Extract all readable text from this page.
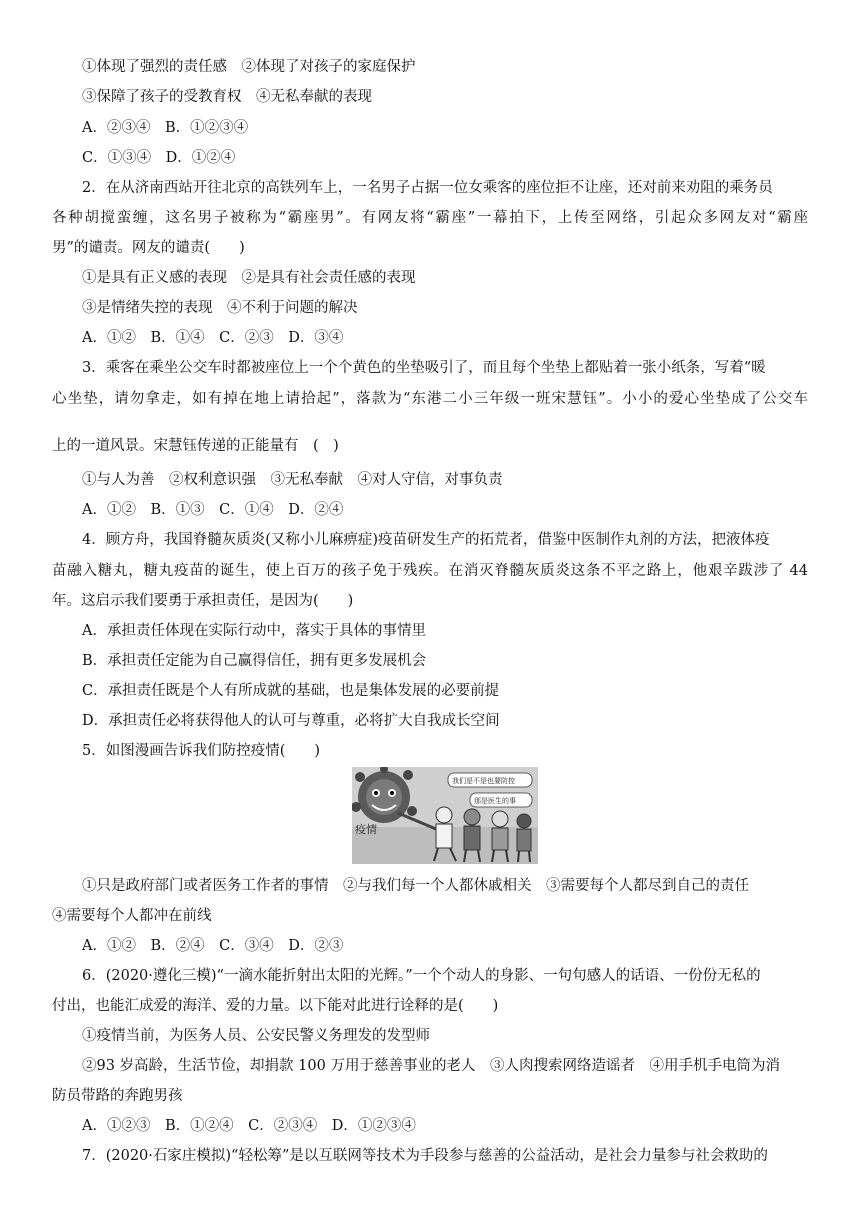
①体现了强烈的责任感　②体现了对孩子的家庭保护
③保障了孩子的受教育权　④无私奉献的表现
A．②③④　B．①②③④
C．①③④　D．①②④
2．在从济南西站开往北京的高铁列车上，一名男子占据一位女乘客的座位拒不让座，还对前来劝阻的乘务员
各种胡搅蛮缠，这名男子被称为“霸座男”。有网友将“霸座”一幕拍下，上传至网络，引起众多网友对“霸座
男”的谴责。网友的谴责(　　)
①是具有正义感的表现　②是具有社会责任感的表现
③是情绪失控的表现　④不利于问题的解决
A．①②　B．①④　C．②③　D．③④
3．乘客在乘坐公交车时都被座位上一个个黄色的坐垫吸引了，而且每个坐垫上都贴着一张小纸条，写着“暖
心坐垫，请勿拿走，如有掉在地上请拾起”，落款为“东港二小三年级一班宋慧钰”。小小的爱心坐垫成了公交车
上的一道风景。宋慧钰传递的正能量有　(　)
①与人为善　②权利意识强　③无私奉献　④对人守信，对事负责
A．①②　B．①③　C．①④　D．②④
4．顾方舟，我国脊髓灰质炎(又称小儿麻痹症)疫苗研发生产的拓荒者，借鉴中医制作丸剂的方法，把液体疫
苗融入糖丸，糖丸疫苗的诞生，使上百万的孩子免于残疾。在消灭脊髓灰质炎这条不平之路上，他艰辛跋涉了 44
年。这启示我们要勇于承担责任，是因为(　　)
A．承担责任体现在实际行动中，落实于具体的事情里
B．承担责任定能为自己赢得信任，拥有更多发展机会
C．承担责任既是个人有所成就的基础，也是集体发展的必要前提
D．承担责任必将获得他人的认可与尊重，必将扩大自我成长空间
5．如图漫画告诉我们防控疫情(　　)
疫情
我们是不是也要防控
那是医生的事
①只是政府部门或者医务工作者的事情　②与我们每一个人都休戚相关　③需要每个人都尽到自己的责任
④需要每个人都冲在前线
A．①②　B．②④　C．③④　D．②③
6．(2020·遵化三模)“一滴水能折射出太阳的光辉。”一个个动人的身影、一句句感人的话语、一份份无私的
付出，也能汇成爱的海洋、爱的力量。以下能对此进行诠释的是(　　)
①疫情当前，为医务人员、公安民警义务理发的发型师
②93 岁高龄，生活节俭，却捐款 100 万用于慈善事业的老人　③人肉搜索网络造谣者　④用手机手电筒为消
防员带路的奔跑男孩
A．①②③　B．①②④　C．②③④　D．①②③④
7．(2020·石家庄模拟)“轻松筹”是以互联网等技术为手段参与慈善的公益活动，是社会力量参与社会救助的
